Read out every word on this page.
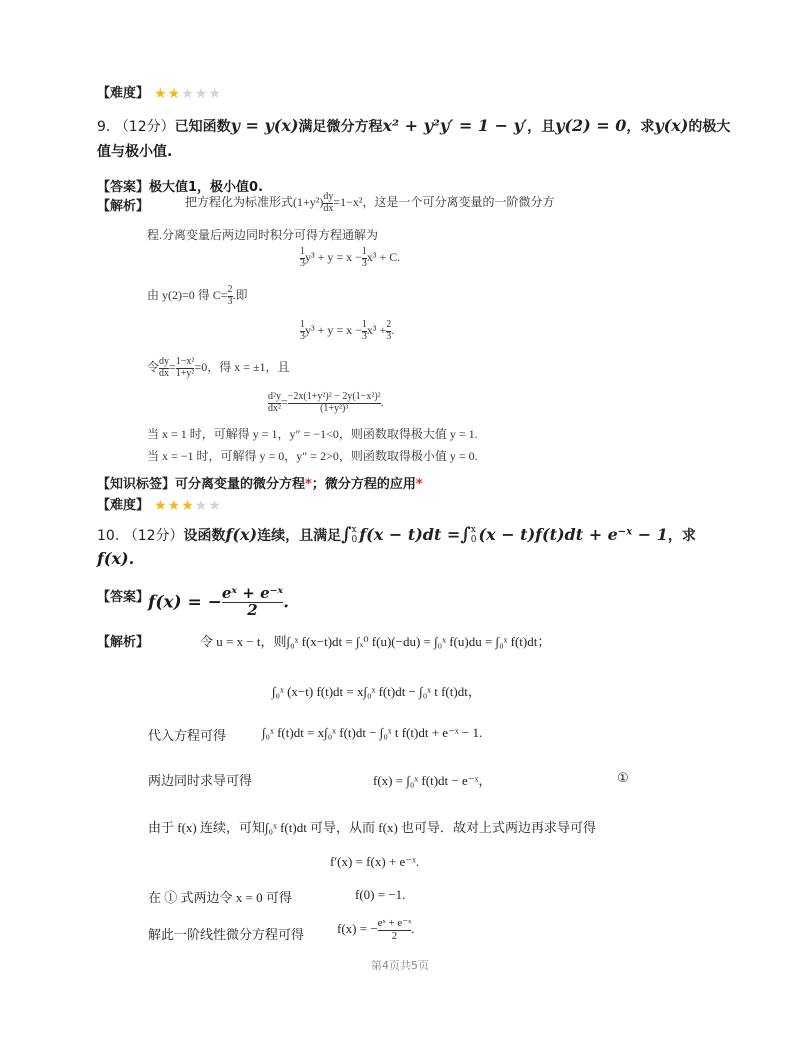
【难度】 ★★★★★
9. （12分）已知函数y = y(x)满足微分方程x² + y²y′ = 1 − y′，且y(2) = 0，求y(x)的极大
值与极小值.
【答案】极大值1，极小值0.
【解析】	把方程化为标准形式$(1+y^2) \frac{dy}{dx} =1-x^2$，这是一个可分离变量的一阶微分方
程.分离变量后两边同时积分可得方程通解为
$\frac{1}{3} y^3 + y = x - \frac{1}{3} x^3 + C$.
由 y(2)=0 得 $C= \frac{2}{3}$ .即
$\frac{1}{3} y^3 + y = x - \frac{1}{3} x^3 + \frac{2}{3}$ .
令 $\frac{dy}{dx} = \frac{\text{1−x²}}{\text{1+y²}} =0$，得 x = ±1，且
$\frac{\text{d²y}}{\text{dx²}} = \frac{\text{−2x(1+y²)² − 2y(1−x²)²}}{\text{(1+y²)³}}$ .
当 x = 1 时，可解得 y = 1，y″ = −1<0，则函数取得极大值 y = 1.
当 x = −1 时，可解得 y = 0，y″ = 2>0，则函数取得极小值 y = 0.
【知识标签】可分离变量的微分方程*；微分方程的应用*
【难度】 ★★★★★
10. （12分）设函数f(x)连续，且满足∫ x
0 f(x − t)dt =∫ x
0 $(x - t)f(t)dt + e^{-x} - 1$，求
f(x).
【答案】
f(x) = − $\frac{\text{eˣ + e⁻ˣ}}{2}$ .
【解析】	令 u = x − t，则∫₀ˣ f(x−t)dt = ∫ₓ⁰ f(u)(−du) = ∫₀ˣ f(u)du = ∫₀ˣ f(t)dt；
∫₀ˣ (x−t) f(t)dt = x∫₀ˣ f(t)dt − ∫₀ˣ t f(t)dt，
代入方程可得	∫₀ˣ f(t)dt = x∫₀ˣ f(t)dt − ∫₀ˣ t f(t)dt + e⁻ˣ − 1.
两边同时求导可得	f(x) = ∫₀ˣ f(t)dt − e⁻ˣ，	①
由于 f(x) 连续，可知∫₀ˣ f(t)dt 可导，从而 f(x) 也可导．故对上式两边再求导可得
f′(x) = f(x) + e⁻ˣ.
在 ① 式两边令 x = 0 可得	f(0) = −1.
解此一阶线性微分方程可得	f(x) = − $\frac{\text{eˣ + e⁻ˣ}}{2}$ .
第4页共5页
